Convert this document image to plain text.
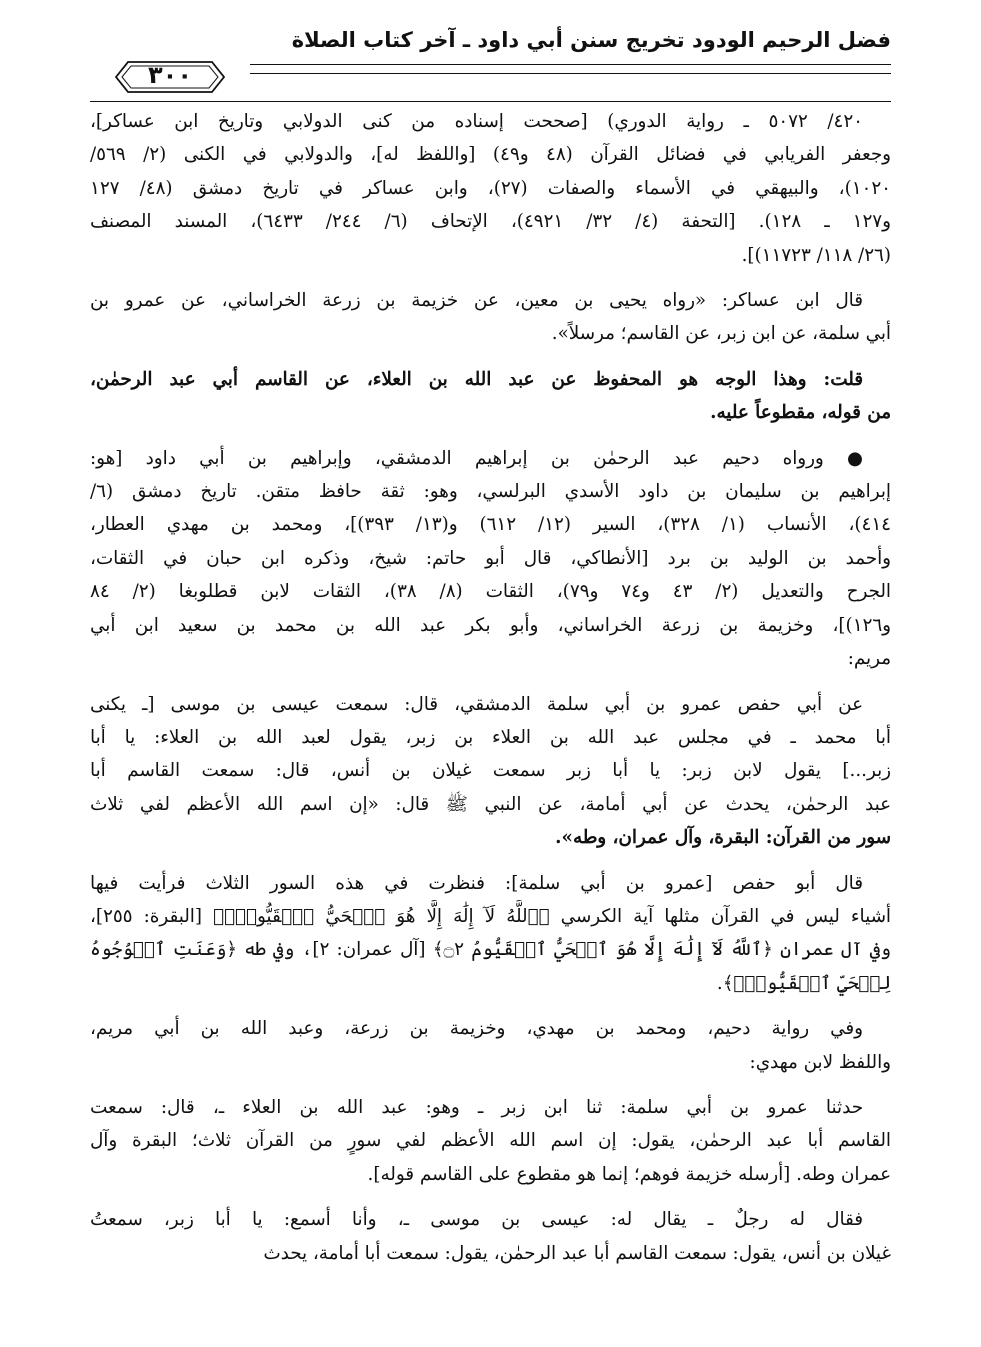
فضل الرحيم الودود تخريج سنن أبي داود ـ آخر كتاب الصلاة
٣٠٠
٤٢٠/ ٥٠٧٢ ـ رواية الدوري) [صححت إسناده من كنى الدولابي وتاريخ ابن عساكر]،
وجعفر الفريابي في فضائل القرآن (٤٨ و٤٩) [واللفظ له]، والدولابي في الكنى (٢/ ٥٦٩/
١٠٢٠)، والبيهقي في الأسماء والصفات (٢٧)، وابن عساكر في تاريخ دمشق (٤٨/ ١٢٧
و١٢٧ ـ ١٢٨). [التحفة (٤/ ٣٢/ ٤٩٢١)، الإتحاف (٦/ ٢٤٤/ ٦٤٣٣)، المسند المصنف
(٢٦/ ١١٨/ ١١٧٢٣)].
قال ابن عساكر: «رواه يحيى بن معين، عن خزيمة بن زرعة الخراساني، عن عمرو بن
أبي سلمة، عن ابن زبر، عن القاسم؛ مرسلاً».
قلت: وهذا الوجه هو المحفوظ عن عبد الله بن العلاء، عن القاسم أبي عبد الرحمٰن،
من قوله، مقطوعاً عليه.
● ورواه دحيم عبد الرحمٰن بن إبراهيم الدمشقي، وإبراهيم بن أبي داود [هو:
إبراهيم بن سليمان بن داود الأسدي البرلسي، وهو: ثقة حافظ متقن. تاريخ دمشق (٦/
٤١٤)، الأنساب (١/ ٣٢٨)، السير (١٢/ ٦١٢) و(١٣/ ٣٩٣)]، ومحمد بن مهدي العطار،
وأحمد بن الوليد بن برد [الأنطاكي، قال أبو حاتم: شيخ، وذكره ابن حبان في الثقات،
الجرح والتعديل (٢/ ٤٣ و٧٤ و٧٩)، الثقات (٨/ ٣٨)، الثقات لابن قطلوبغا (٢/ ٨٤
و١٢٦)]، وخزيمة بن زرعة الخراساني، وأبو بكر عبد الله بن محمد بن سعيد ابن أبي
مريم:
عن أبي حفص عمرو بن أبي سلمة الدمشقي، قال: سمعت عيسى بن موسى [ـ يكنى
أبا محمد ـ في مجلس عبد الله بن العلاء بن زبر، يقول لعبد الله بن العلاء: يا أبا
زبر...] يقول لابن زبر: يا أبا زبر سمعت غيلان بن أنس، قال: سمعت القاسم أبا
عبد الرحمٰن، يحدث عن أبي أمامة، عن النبي ﷺ قال: «إن اسم الله الأعظم لفي ثلاث
سور من القرآن: البقرة، وآل عمران، وطه».
قال أبو حفص [عمرو بن أبي سلمة]: فنظرت في هذه السور الثلاث فرأيت فيها
أشياء ليس في القرآن مثلها آية الكرسي ﴿ٱللَّهُ لَآ إِلَٰهَ إِلَّا هُوَ ٱلۡحَيُّ ٱلۡقَيُّومُۚ﴾ [البقرة: ٢٥٥]،
وفي آل عمران ﴿ٱللَّهُ لَآ إِلَٰهَ إِلَّا هُوَ ٱلۡحَيُّ ٱلۡقَيُّومُ ۝٢﴾ [آل عمران: ٢]، وفي طه ﴿وَعَنَتِ ٱلۡوُجُوهُ
لِلۡحَيِّ ٱلۡقَيُّومِۖ﴾.
وفي رواية دحيم، ومحمد بن مهدي، وخزيمة بن زرعة، وعبد الله بن أبي مريم،
واللفظ لابن مهدي:
حدثنا عمرو بن أبي سلمة: ثنا ابن زبر ـ وهو: عبد الله بن العلاء ـ، قال: سمعت
القاسم أبا عبد الرحمٰن، يقول: إن اسم الله الأعظم لفي سورٍ من القرآن ثلاث؛ البقرة وآل
عمران وطه. [أرسله خزيمة فوهم؛ إنما هو مقطوع على القاسم قوله].
فقال له رجلٌ ـ يقال له: عيسى بن موسى ـ، وأنا أسمع: يا أبا زبر، سمعتُ
غيلان بن أنس، يقول: سمعت القاسم أبا عبد الرحمٰن، يقول: سمعت أبا أمامة، يحدث
